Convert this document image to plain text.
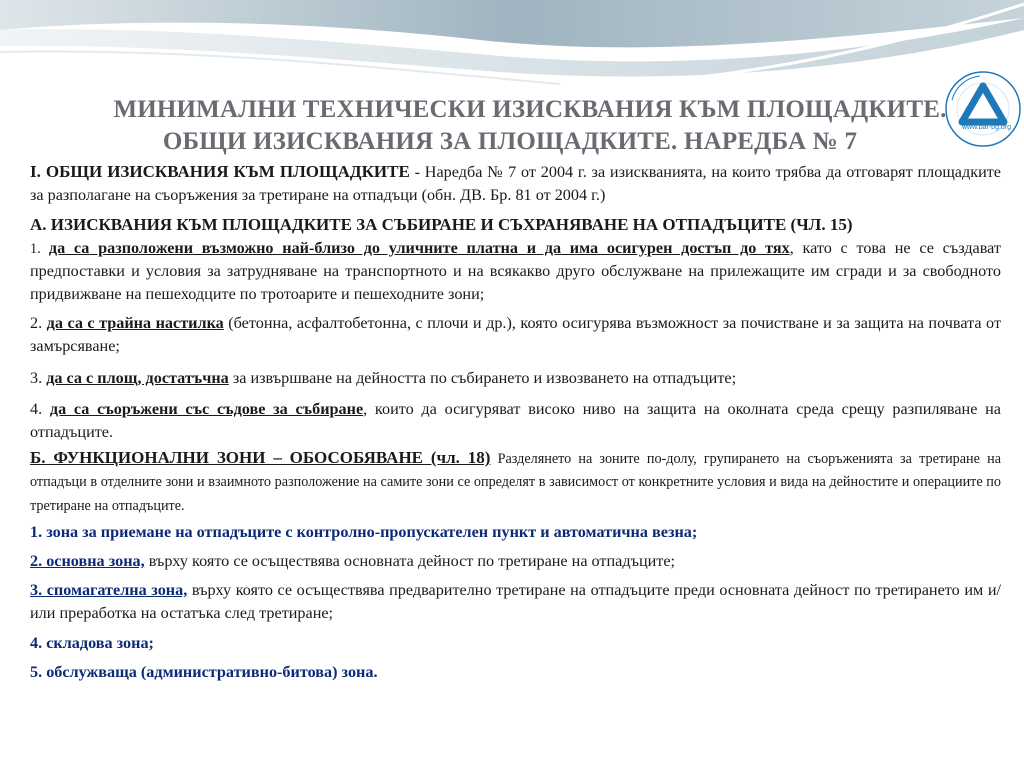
www.bar-bg.org
МИНИМАЛНИ ТЕХНИЧЕСКИ ИЗИСКВАНИЯ КЪМ ПЛОЩАДКИТЕ.
ОБЩИ ИЗИСКВАНИЯ ЗА ПЛОЩАДКИТЕ. НАРЕДБА № 7

І. ОБЩИ ИЗИСКВАНИЯ КЪМ ПЛОЩАДКИТЕ - Наредба № 7 от 2004 г. за изискванията, на които трябва да отговарят площадките за разполагане на съоръжения за третиране на отпадъци (обн. ДВ. Бр. 81 от 2004 г.)

А. ИЗИСКВАНИЯ КЪМ ПЛОЩАДКИТЕ ЗА СЪБИРАНЕ И СЪХРАНЯВАНЕ НА ОТПАДЪЦИТЕ (ЧЛ. 15)

1. да са разположени възможно най-близо до уличните платна и да има осигурен достъп до тях, като с това не се създават предпоставки и условия за затрудняване на транспортното и на всякакво друго обслужване на прилежащите им сгради и за свободното придвижване на пешеходците по тротоарите и пешеходните зони;

2. да са с трайна настилка (бетонна, асфалтобетонна, с плочи и др.), която осигурява възможност за почистване и за защита на почвата от замърсяване;

3. да са с площ, достатъчна за извършване на дейността по събирането и извозването на отпадъците;

4. да са съоръжени със съдове за събиране, които да осигуряват високо ниво на защита на околната среда срещу разпиляване на отпадъците.

Б. ФУНКЦИОНАЛНИ ЗОНИ – ОБОСОБЯВАНЕ (чл. 18) Разделянето на зоните по-долу, групирането на съоръженията за третиране на отпадъци в отделните зони и взаимното разположение на самите зони се определят в зависимост от конкретните условия и вида на дейностите и операциите по третиране на отпадъците.

1. зона за приемане на отпадъците с контролно-пропускателен пункт и автоматична везна;

2. основна зона, върху която се осъществява основната дейност по третиране на отпадъците;

3. спомагателна зона, върху която се осъществява предварително третиране на отпадъците преди основната дейност по третирането им и/или преработка на остатъка след третиране;

4. складова зона;

5. обслужваща (административно-битова) зона.
